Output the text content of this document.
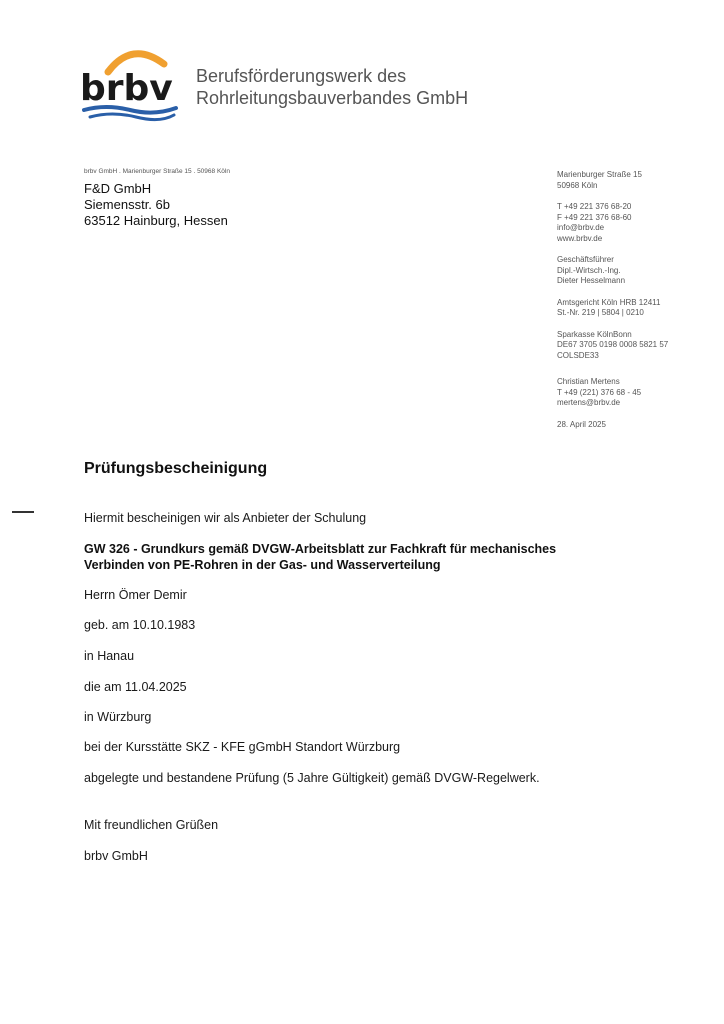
brbv Berufsförderungswerk des
Rohrleitungsbauverbandes GmbH
brbv GmbH . Marienburger Straße 15 . 50968 Köln
F&D GmbH
Siemensstr. 6b
63512 Hainburg, Hessen
Marienburger Straße 15
50968 Köln
T +49 221 376 68-20
F +49 221 376 68-60
info@brbv.de
www.brbv.de
Geschäftsführer
Dipl.-Wirtsch.-Ing.
Dieter Hesselmann
Amtsgericht Köln HRB 12411
St.-Nr. 219 | 5804 | 0210
Sparkasse KölnBonn
DE67 3705 0198 0008 5821 57
COLSDE33
Christian Mertens
T +49 (221) 376 68 - 45
mertens@brbv.de
28. April 2025
Prüfungsbescheinigung
Hiermit bescheinigen wir als Anbieter der Schulung
GW 326 - Grundkurs gemäß DVGW-Arbeitsblatt zur Fachkraft für mechanisches
Verbinden von PE-Rohren in der Gas- und Wasserverteilung
Herrn Ömer Demir
geb. am 10.10.1983
in Hanau
die am 11.04.2025
in Würzburg
bei der Kursstätte SKZ - KFE gGmbH Standort Würzburg
abgelegte und bestandene Prüfung (5 Jahre Gültigkeit) gemäß DVGW-Regelwerk.
Mit freundlichen Grüßen
brbv GmbH
